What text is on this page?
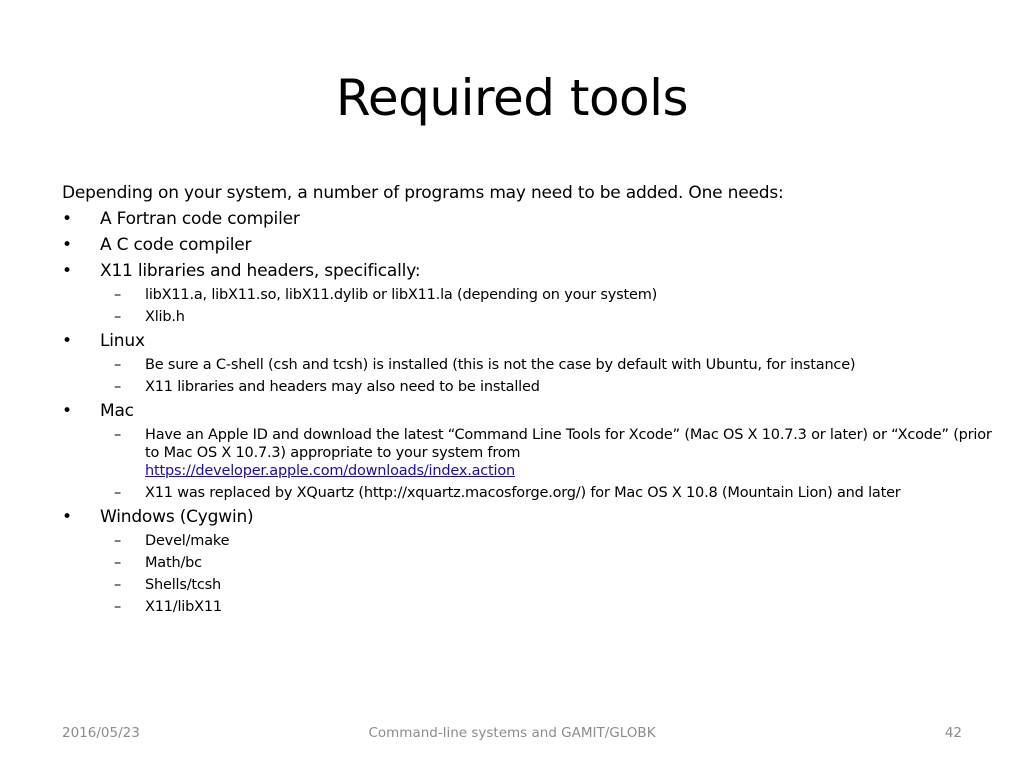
Required tools
Depending on your system, a number of programs may need to be added. One needs:
•	A Fortran code compiler
•	A C code compiler
•	X11 libraries and headers, specifically:
– libX11.a, libX11.so, libX11.dylib or libX11.la (depending on your system)
– Xlib.h
•	Linux
– Be sure a C-shell (csh and tcsh) is installed (this is not the case by default with Ubuntu, for instance)
– X11 libraries and headers may also need to be installed
•	Mac
– Have an Apple ID and download the latest “Command Line Tools for Xcode” (Mac OS X 10.7.3 or later) or “Xcode” (prior to Mac OS X 10.7.3) appropriate to your system from
https://developer.apple.com/downloads/index.action
– X11 was replaced by XQuartz (http://xquartz.macosforge.org/) for Mac OS X 10.8 (Mountain Lion) and later
•	Windows (Cygwin)
– Devel/make
– Math/bc
– Shells/tcsh
– X11/libX11
2016/05/23	Command-line systems and GAMIT/GLOBK	42
